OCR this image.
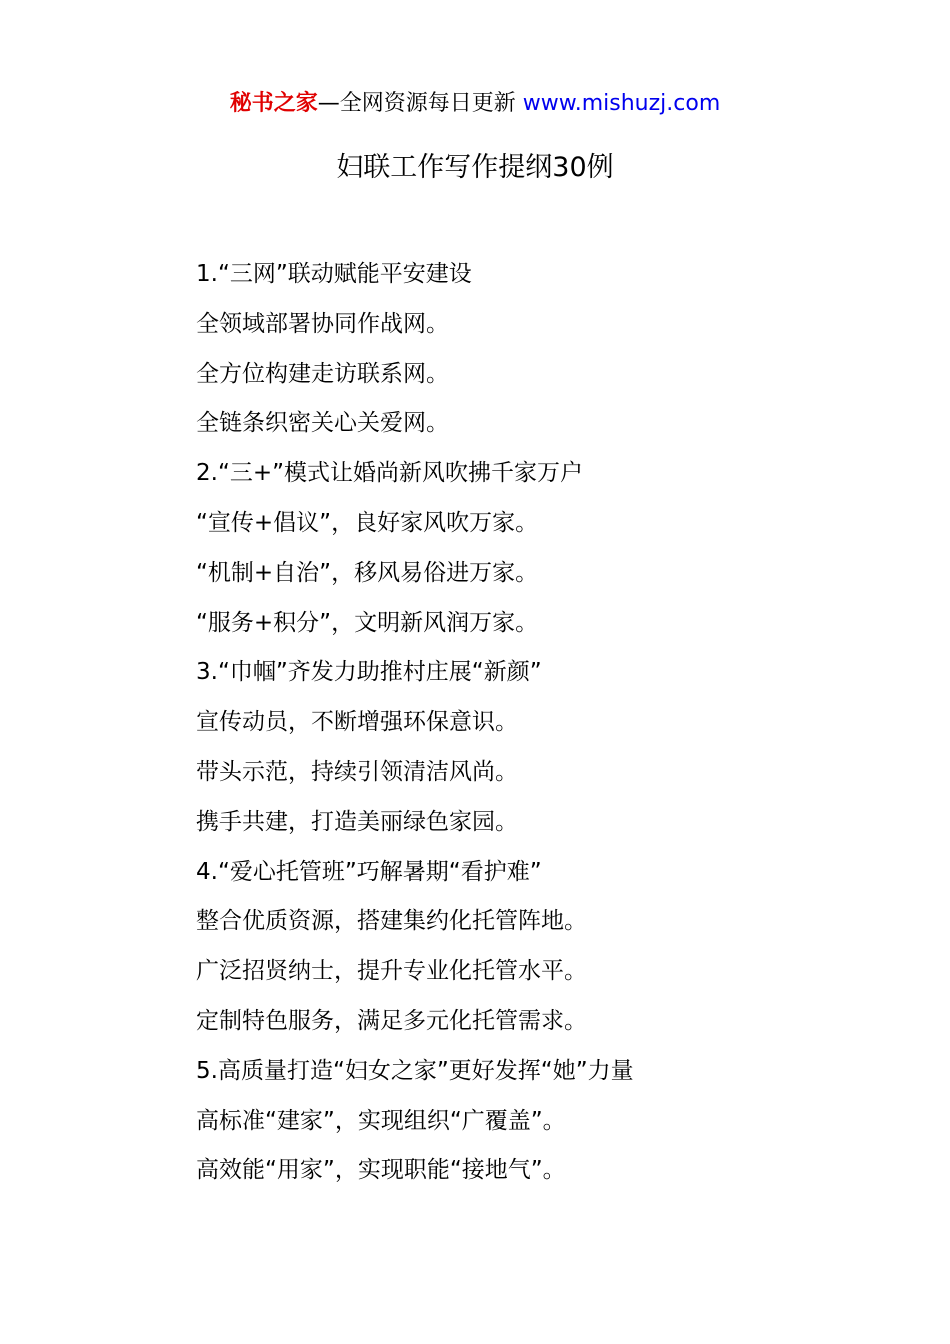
秘书之家—全网资源每日更新 www.mishuzj.com
妇联工作写作提纲30例
1.“三网”联动赋能平安建设
全领域部署协同作战网。
全方位构建走访联系网。
全链条织密关心关爱网。
2.“三+”模式让婚尚新风吹拂千家万户
“宣传+倡议”，良好家风吹万家。
“机制+自治”，移风易俗进万家。
“服务+积分”，文明新风润万家。
3.“巾帼”齐发力助推村庄展“新颜”
宣传动员，不断增强环保意识。
带头示范，持续引领清洁风尚。
携手共建，打造美丽绿色家园。
4.“爱心托管班”巧解暑期“看护难”
整合优质资源，搭建集约化托管阵地。
广泛招贤纳士，提升专业化托管水平。
定制特色服务，满足多元化托管需求。
5.高质量打造“妇女之家”更好发挥“她”力量
高标准“建家”，实现组织“广覆盖”。
高效能“用家”，实现职能“接地气”。
